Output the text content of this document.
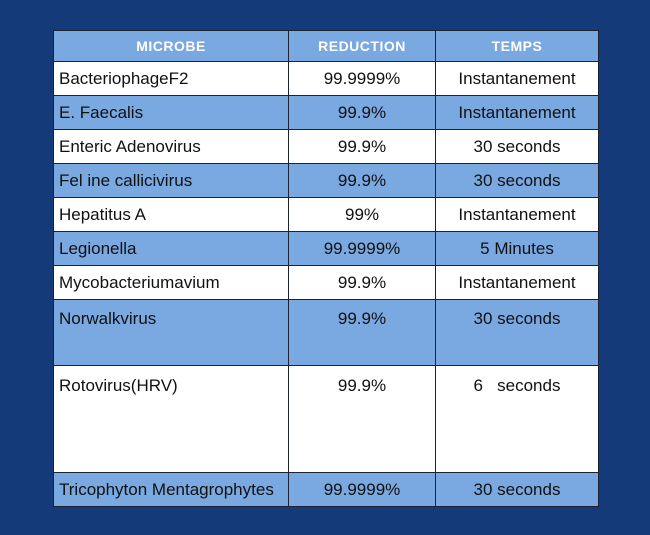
MICROBE	REDUCTION	TEMPS
BacteriophageF2	99.9999%	Instantanement
E. Faecalis	99.9%	Instantanement
Enteric Adenovirus	99.9%	30 seconds
Fel ine callicivirus	99.9%	30 seconds
Hepatitus A	99%	Instantanement
Legionella	99.9999%	5 Minutes
Mycobacteriumavium	99.9%	Instantanement
Norwalkvirus	99.9%	30 seconds
Rotovirus(HRV)	99.9%	6   seconds
Tricophyton Mentagrophytes	99.9999%	30 seconds
